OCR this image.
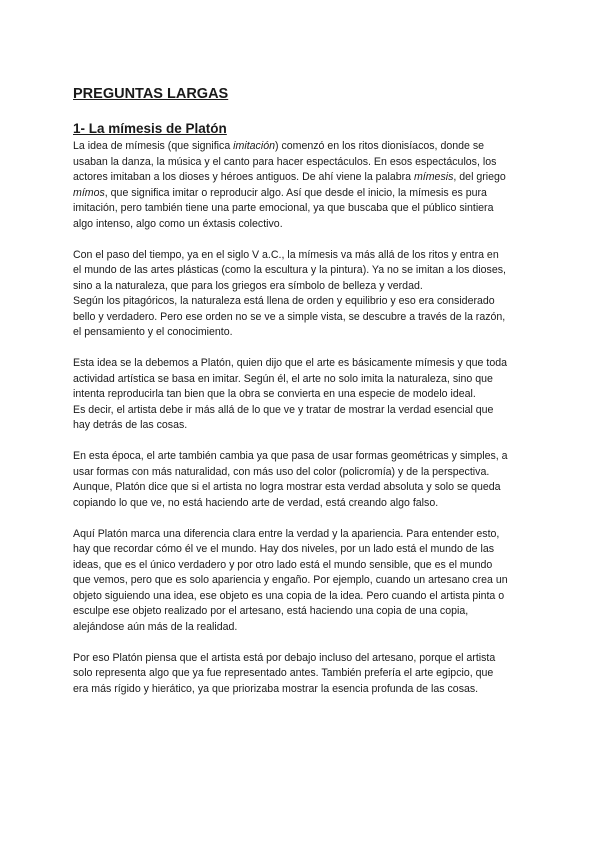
PREGUNTAS LARGAS
1- La mímesis de Platón
La idea de mímesis (que significa imitación) comenzó en los ritos dionisíacos, donde se
usaban la danza, la música y el canto para hacer espectáculos. En esos espectáculos, los
actores imitaban a los dioses y héroes antiguos. De ahí viene la palabra mímesis, del griego
mímos, que significa imitar o reproducir algo. Así que desde el inicio, la mímesis es pura
imitación, pero también tiene una parte emocional, ya que buscaba que el público sintiera
algo intenso, algo como un éxtasis colectivo.
Con el paso del tiempo, ya en el siglo V a.C., la mímesis va más allá de los ritos y entra en
el mundo de las artes plásticas (como la escultura y la pintura). Ya no se imitan a los dioses,
sino a la naturaleza, que para los griegos era símbolo de belleza y verdad.
Según los pitagóricos, la naturaleza está llena de orden y equilibrio y eso era considerado
bello y verdadero. Pero ese orden no se ve a simple vista, se descubre a través de la razón,
el pensamiento y el conocimiento.
Esta idea se la debemos a Platón, quien dijo que el arte es básicamente mímesis y que toda
actividad artística se basa en imitar. Según él, el arte no solo imita la naturaleza, sino que
intenta reproducirla tan bien que la obra se convierta en una especie de modelo ideal.
Es decir, el artista debe ir más allá de lo que ve y tratar de mostrar la verdad esencial que
hay detrás de las cosas.
En esta época, el arte también cambia ya que pasa de usar formas geométricas y simples, a
usar formas con más naturalidad, con más uso del color (policromía) y de la perspectiva.
Aunque, Platón dice que si el artista no logra mostrar esta verdad absoluta y solo se queda
copiando lo que ve, no está haciendo arte de verdad, está creando algo falso.
Aquí Platón marca una diferencia clara entre la verdad y la apariencia. Para entender esto,
hay que recordar cómo él ve el mundo. Hay dos niveles, por un lado está el mundo de las
ideas, que es el único verdadero y por otro lado está el mundo sensible, que es el mundo
que vemos, pero que es solo apariencia y engaño. Por ejemplo, cuando un artesano crea un
objeto siguiendo una idea, ese objeto es una copia de la idea. Pero cuando el artista pinta o
esculpe ese objeto realizado por el artesano, está haciendo una copia de una copia,
alejándose aún más de la realidad.
Por eso Platón piensa que el artista está por debajo incluso del artesano, porque el artista
solo representa algo que ya fue representado antes. También prefería el arte egipcio, que
era más rígido y hierático, ya que priorizaba mostrar la esencia profunda de las cosas.
